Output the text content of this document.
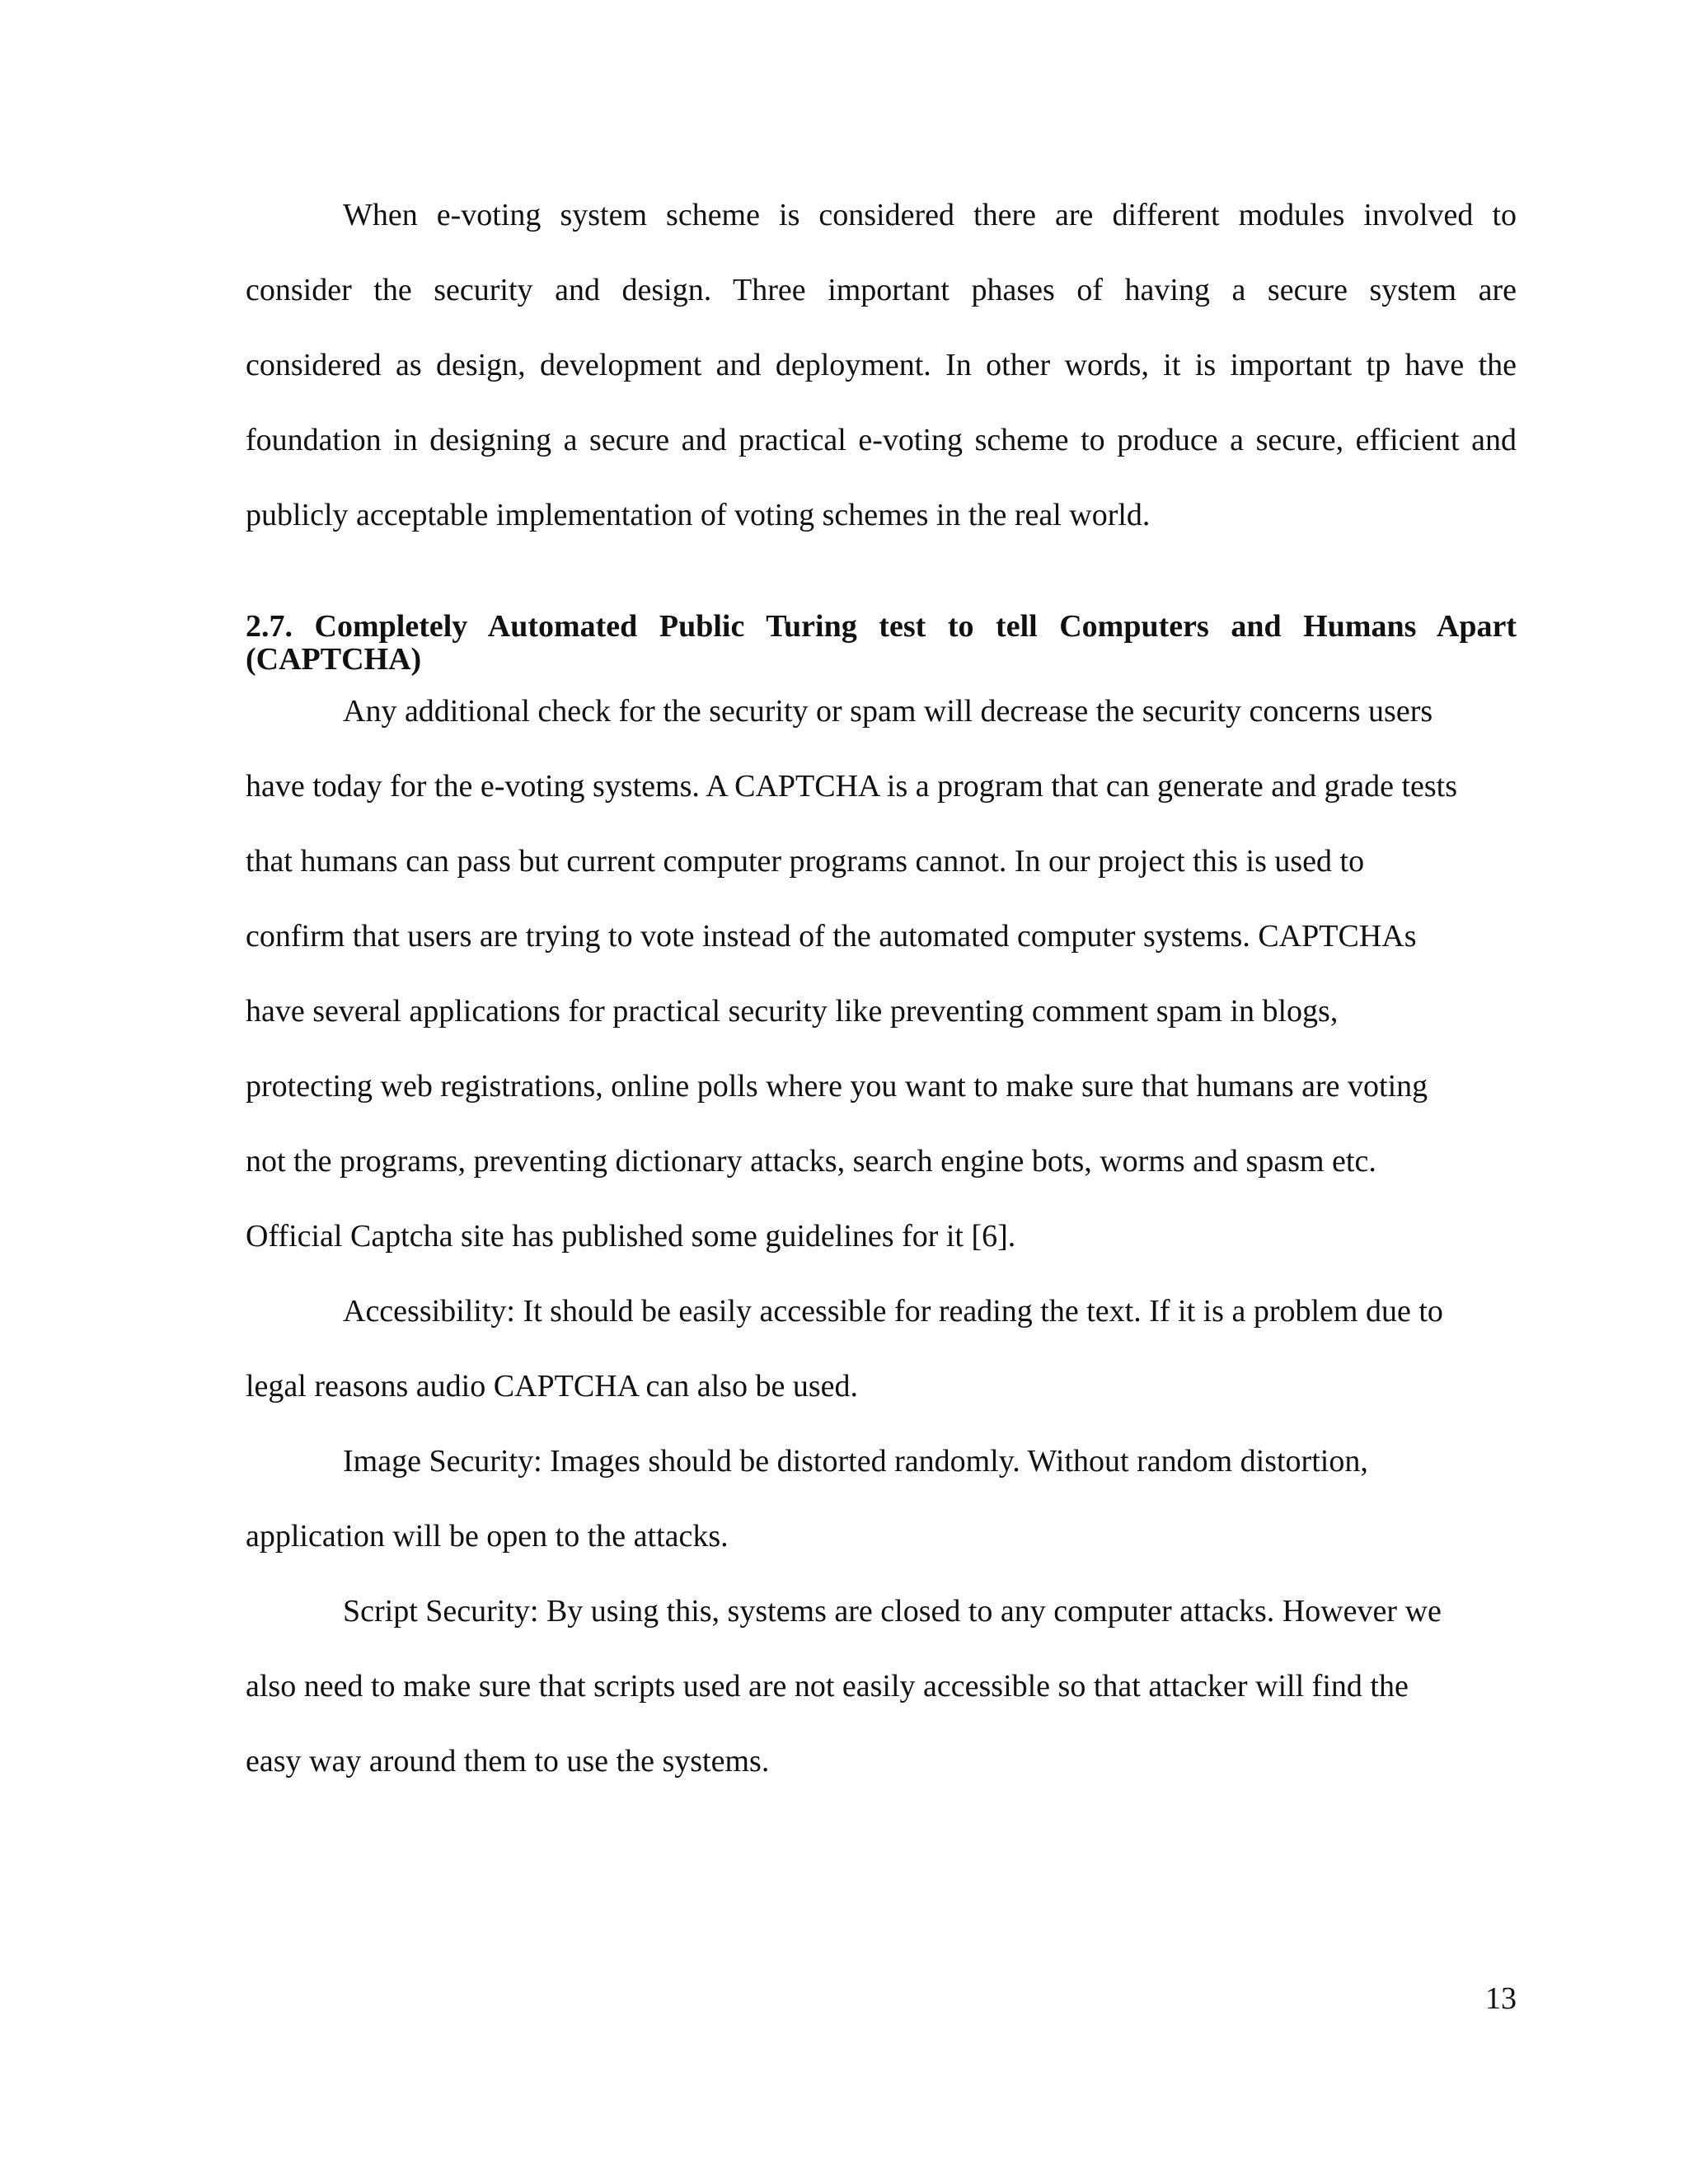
When e-voting system scheme is considered there are different modules involved to

consider the security and design. Three important phases of having a secure system are

considered as design, development and deployment. In other words, it is important tp have the

foundation in designing a secure and practical e-voting scheme to produce a secure, efficient and

publicly acceptable implementation of voting schemes in the real world.

2.7. Completely Automated Public Turing test to tell Computers and Humans Apart
(CAPTCHA)

Any additional check for the security or spam will decrease the security concerns users

have today for the e-voting systems. A CAPTCHA is a program that can generate and grade tests

that humans can pass but current computer programs cannot. In our project this is used to

confirm that users are trying to vote instead of the automated computer systems. CAPTCHAs

have several applications for practical security like preventing comment spam in blogs,

protecting web registrations, online polls where you want to make sure that humans are voting

not the programs, preventing dictionary attacks, search engine bots, worms and spasm etc.

Official Captcha site has published some guidelines for it [6].

Accessibility: It should be easily accessible for reading the text. If it is a problem due to

legal reasons audio CAPTCHA can also be used.

Image Security: Images should be distorted randomly. Without random distortion,

application will be open to the attacks.

Script Security: By using this, systems are closed to any computer attacks. However we

also need to make sure that scripts used are not easily accessible so that attacker will find the

easy way around them to use the systems.

13
